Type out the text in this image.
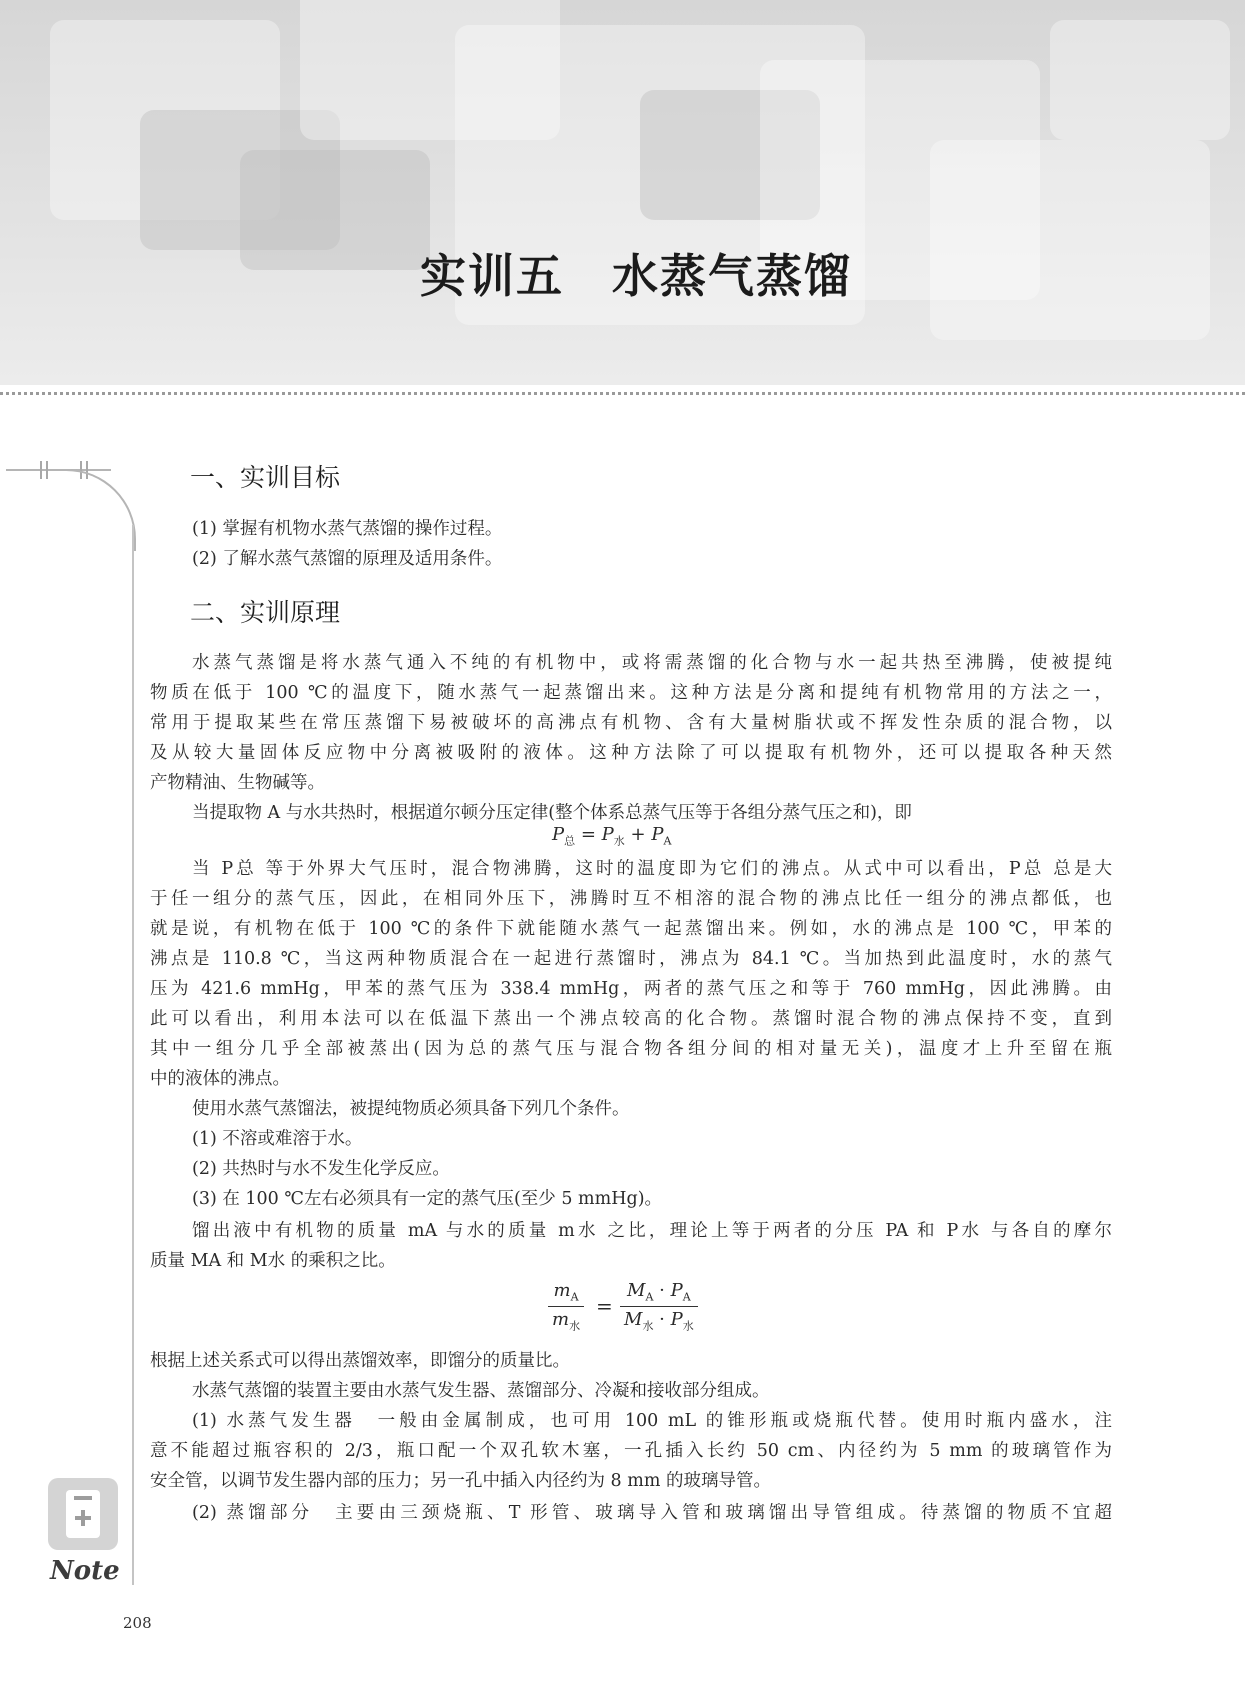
实训五　水蒸气蒸馏
Note
208
一、实训目标
(1) 掌握有机物水蒸气蒸馏的操作过程。
(2) 了解水蒸气蒸馏的原理及适用条件。
二、实训原理
水蒸气蒸馏是将水蒸气通入不纯的有机物中，或将需蒸馏的化合物与水一起共热至沸腾，使被提纯
物质在低于 100 ℃的温度下，随水蒸气一起蒸馏出来。这种方法是分离和提纯有机物常用的方法之一，
常用于提取某些在常压蒸馏下易被破坏的高沸点有机物、含有大量树脂状或不挥发性杂质的混合物，以
及从较大量固体反应物中分离被吸附的液体。这种方法除了可以提取有机物外，还可以提取各种天然
产物精油、生物碱等。
当提取物 A 与水共热时，根据道尔顿分压定律(整个体系总蒸气压等于各组分蒸气压之和)，即
$P_总 = P_水 + P_A$
当 P总 等于外界大气压时，混合物沸腾，这时的温度即为它们的沸点。从式中可以看出，P总 总是大
于任一组分的蒸气压，因此，在相同外压下，沸腾时互不相溶的混合物的沸点比任一组分的沸点都低，也
就是说，有机物在低于 100 ℃的条件下就能随水蒸气一起蒸馏出来。例如，水的沸点是 100 ℃，甲苯的
沸点是 110.8 ℃，当这两种物质混合在一起进行蒸馏时，沸点为 84.1 ℃。当加热到此温度时，水的蒸气
压为 421.6 mmHg，甲苯的蒸气压为 338.4 mmHg，两者的蒸气压之和等于 760 mmHg，因此沸腾。由
此可以看出，利用本法可以在低温下蒸出一个沸点较高的化合物。蒸馏时混合物的沸点保持不变，直到
其中一组分几乎全部被蒸出(因为总的蒸气压与混合物各组分间的相对量无关)，温度才上升至留在瓶
中的液体的沸点。
使用水蒸气蒸馏法，被提纯物质必须具备下列几个条件。
(1) 不溶或难溶于水。
(2) 共热时与水不发生化学反应。
(3) 在 100 ℃左右必须具有一定的蒸气压(至少 5 mmHg)。
馏出液中有机物的质量 mA 与水的质量 m水 之比，理论上等于两者的分压 PA 和 P水 与各自的摩尔
质量 MA 和 M水 的乘积之比。
$m_A$
$m_水$
=
$M_A \cdot P_A$
$M_水 \cdot P_水$
根据上述关系式可以得出蒸馏效率，即馏分的质量比。
水蒸气蒸馏的装置主要由水蒸气发生器、蒸馏部分、冷凝和接收部分组成。
(1) 水蒸气发生器　一般由金属制成，也可用 100 mL 的锥形瓶或烧瓶代替。使用时瓶内盛水，注
意不能超过瓶容积的 2/3，瓶口配一个双孔软木塞，一孔插入长约 50 cm、内径约为 5 mm 的玻璃管作为
安全管，以调节发生器内部的压力；另一孔中插入内径约为 8 mm 的玻璃导管。
(2) 蒸馏部分　主要由三颈烧瓶、T 形管、玻璃导入管和玻璃馏出导管组成。待蒸馏的物质不宜超
